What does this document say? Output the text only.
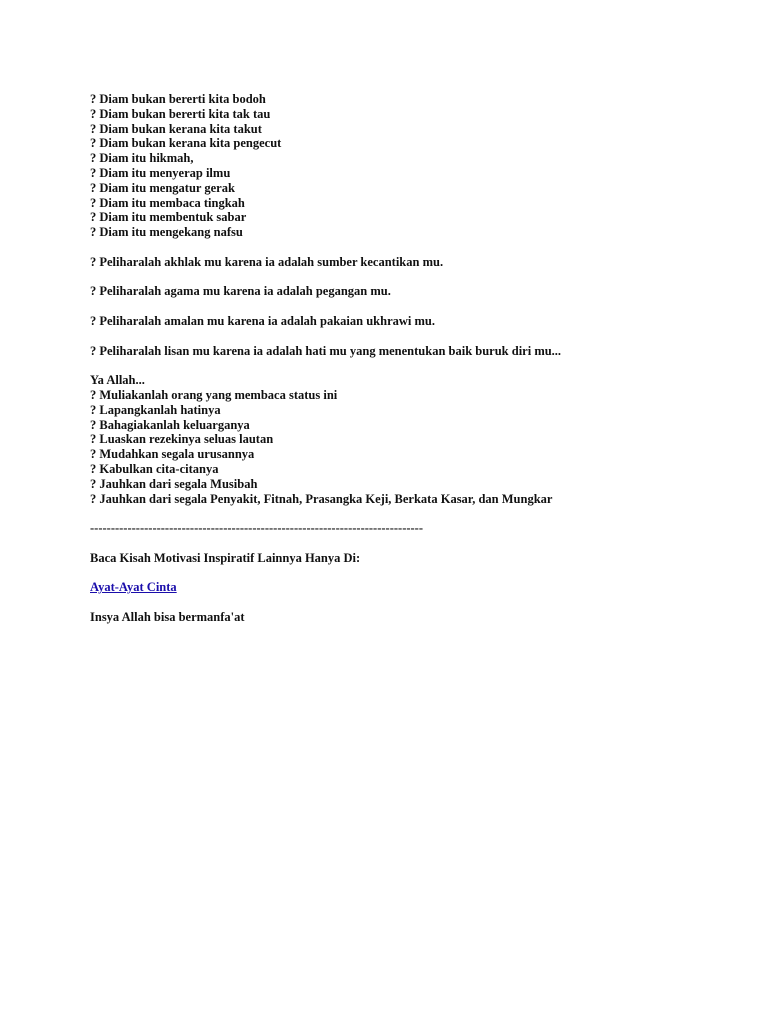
? Diam bukan bererti kita bodoh
? Diam bukan bererti kita tak tau
? Diam bukan kerana kita takut
? Diam bukan kerana kita pengecut
? Diam itu hikmah,
? Diam itu menyerap ilmu
? Diam itu mengatur gerak
? Diam itu membaca tingkah
? Diam itu membentuk sabar
? Diam itu mengekang nafsu
? Peliharalah akhlak mu karena ia adalah sumber kecantikan mu.
? Peliharalah agama mu karena ia adalah pegangan mu.
? Peliharalah amalan mu karena ia adalah pakaian ukhrawi mu.
? Peliharalah lisan mu karena ia adalah hati mu yang menentukan baik buruk diri mu...
Ya Allah...
? Muliakanlah orang yang membaca status ini
? Lapangkanlah hatinya
? Bahagiakanlah keluarganya
? Luaskan rezekinya seluas lautan
? Mudahkan segala urusannya
? Kabulkan cita-citanya
? Jauhkan dari segala Musibah
? Jauhkan dari segala Penyakit, Fitnah, Prasangka Keji, Berkata Kasar, dan Mungkar
--------------------------------------------------------------------------------
Baca Kisah Motivasi Inspiratif Lainnya Hanya Di:
Ayat-Ayat Cinta
Insya Allah bisa bermanfa'at
